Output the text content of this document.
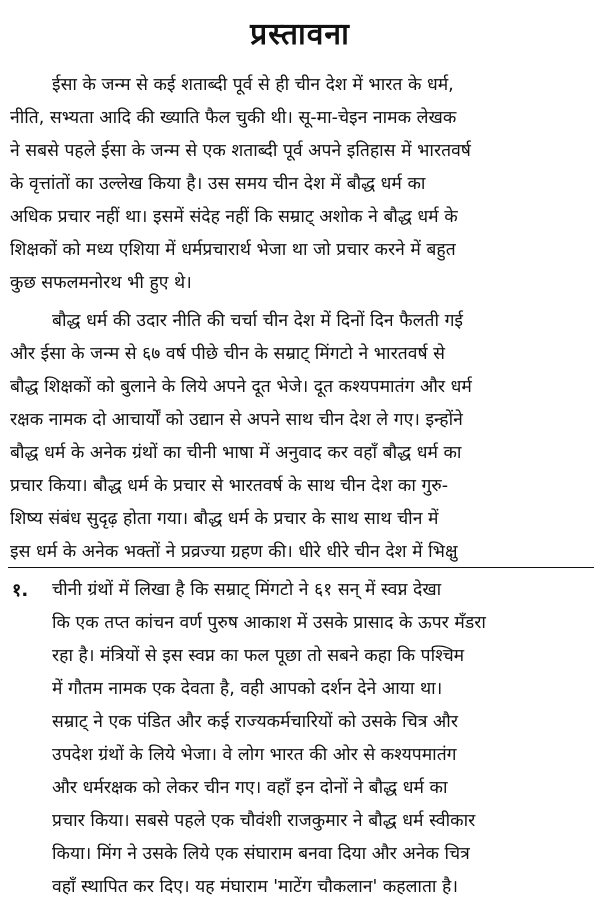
प्रस्तावना
ईसा के जन्म से कई शताब्दी पूर्व से ही चीन देश में भारत के धर्म,
नीति, सभ्यता आदि की ख्याति फैल चुकी थी। सू-मा-चेइन नामक लेखक
ने सबसे पहले ईसा के जन्म से एक शताब्दी पूर्व अपने इतिहास में भारतवर्ष
के वृत्तांतों का उल्लेख किया है। उस समय चीन देश में बौद्ध धर्म का
अधिक प्रचार नहीं था। इसमें संदेह नहीं कि सम्राट् अशोक ने बौद्ध धर्म के
शिक्षकों को मध्य एशिया में धर्मप्रचारार्थ भेजा था जो प्रचार करने में बहुत
कुछ सफलमनोरथ भी हुए थे।
बौद्ध धर्म की उदार नीति की चर्चा चीन देश में दिनों दिन फैलती गई
और ईसा के जन्म से ६७ वर्ष पीछे चीन के सम्राट् मिंगटो ने भारतवर्ष से
बौद्ध शिक्षकों को बुलाने के लिये अपने दूत भेजे। दूत कश्यपमातंग और धर्म
रक्षक नामक दो आचार्यों को उद्यान से अपने साथ चीन देश ले गए। इन्होंने
बौद्ध धर्म के अनेक ग्रंथों का चीनी भाषा में अनुवाद कर वहाँ बौद्ध धर्म का
प्रचार किया। बौद्ध धर्म के प्रचार से भारतवर्ष के साथ चीन देश का गुरु-
शिष्य संबंध सुदृढ़ होता गया। बौद्ध धर्म के प्रचार के साथ साथ चीन में
इस धर्म के अनेक भक्तों ने प्रव्रज्या ग्रहण की। धीरे धीरे चीन देश में भिक्षु
१. चीनी ग्रंथों में लिखा है कि सम्राट् मिंगटो ने ६१ सन् में स्वप्न देखा
कि एक तप्त कांचन वर्ण पुरुष आकाश में उसके प्रासाद के ऊपर मँडरा
रहा है। मंत्रियों से इस स्वप्न का फल पूछा तो सबने कहा कि पश्चिम
में गौतम नामक एक देवता है, वही आपको दर्शन देने आया था।
सम्राट् ने एक पंडित और कई राज्यकर्मचारियों को उसके चित्र और
उपदेश ग्रंथों के लिये भेजा। वे लोग भारत की ओर से कश्यपमातंग
और धर्मरक्षक को लेकर चीन गए। वहाँ इन दोनों ने बौद्ध धर्म का
प्रचार किया। सबसे पहले एक चौवंशी राजकुमार ने बौद्ध धर्म स्वीकार
किया। मिंग ने उसके लिये एक संघाराम बनवा दिया और अनेक चित्र
वहाँ स्थापित कर दिए। यह मंघाराम 'माटेंग चौकलान' कहलाता है।
